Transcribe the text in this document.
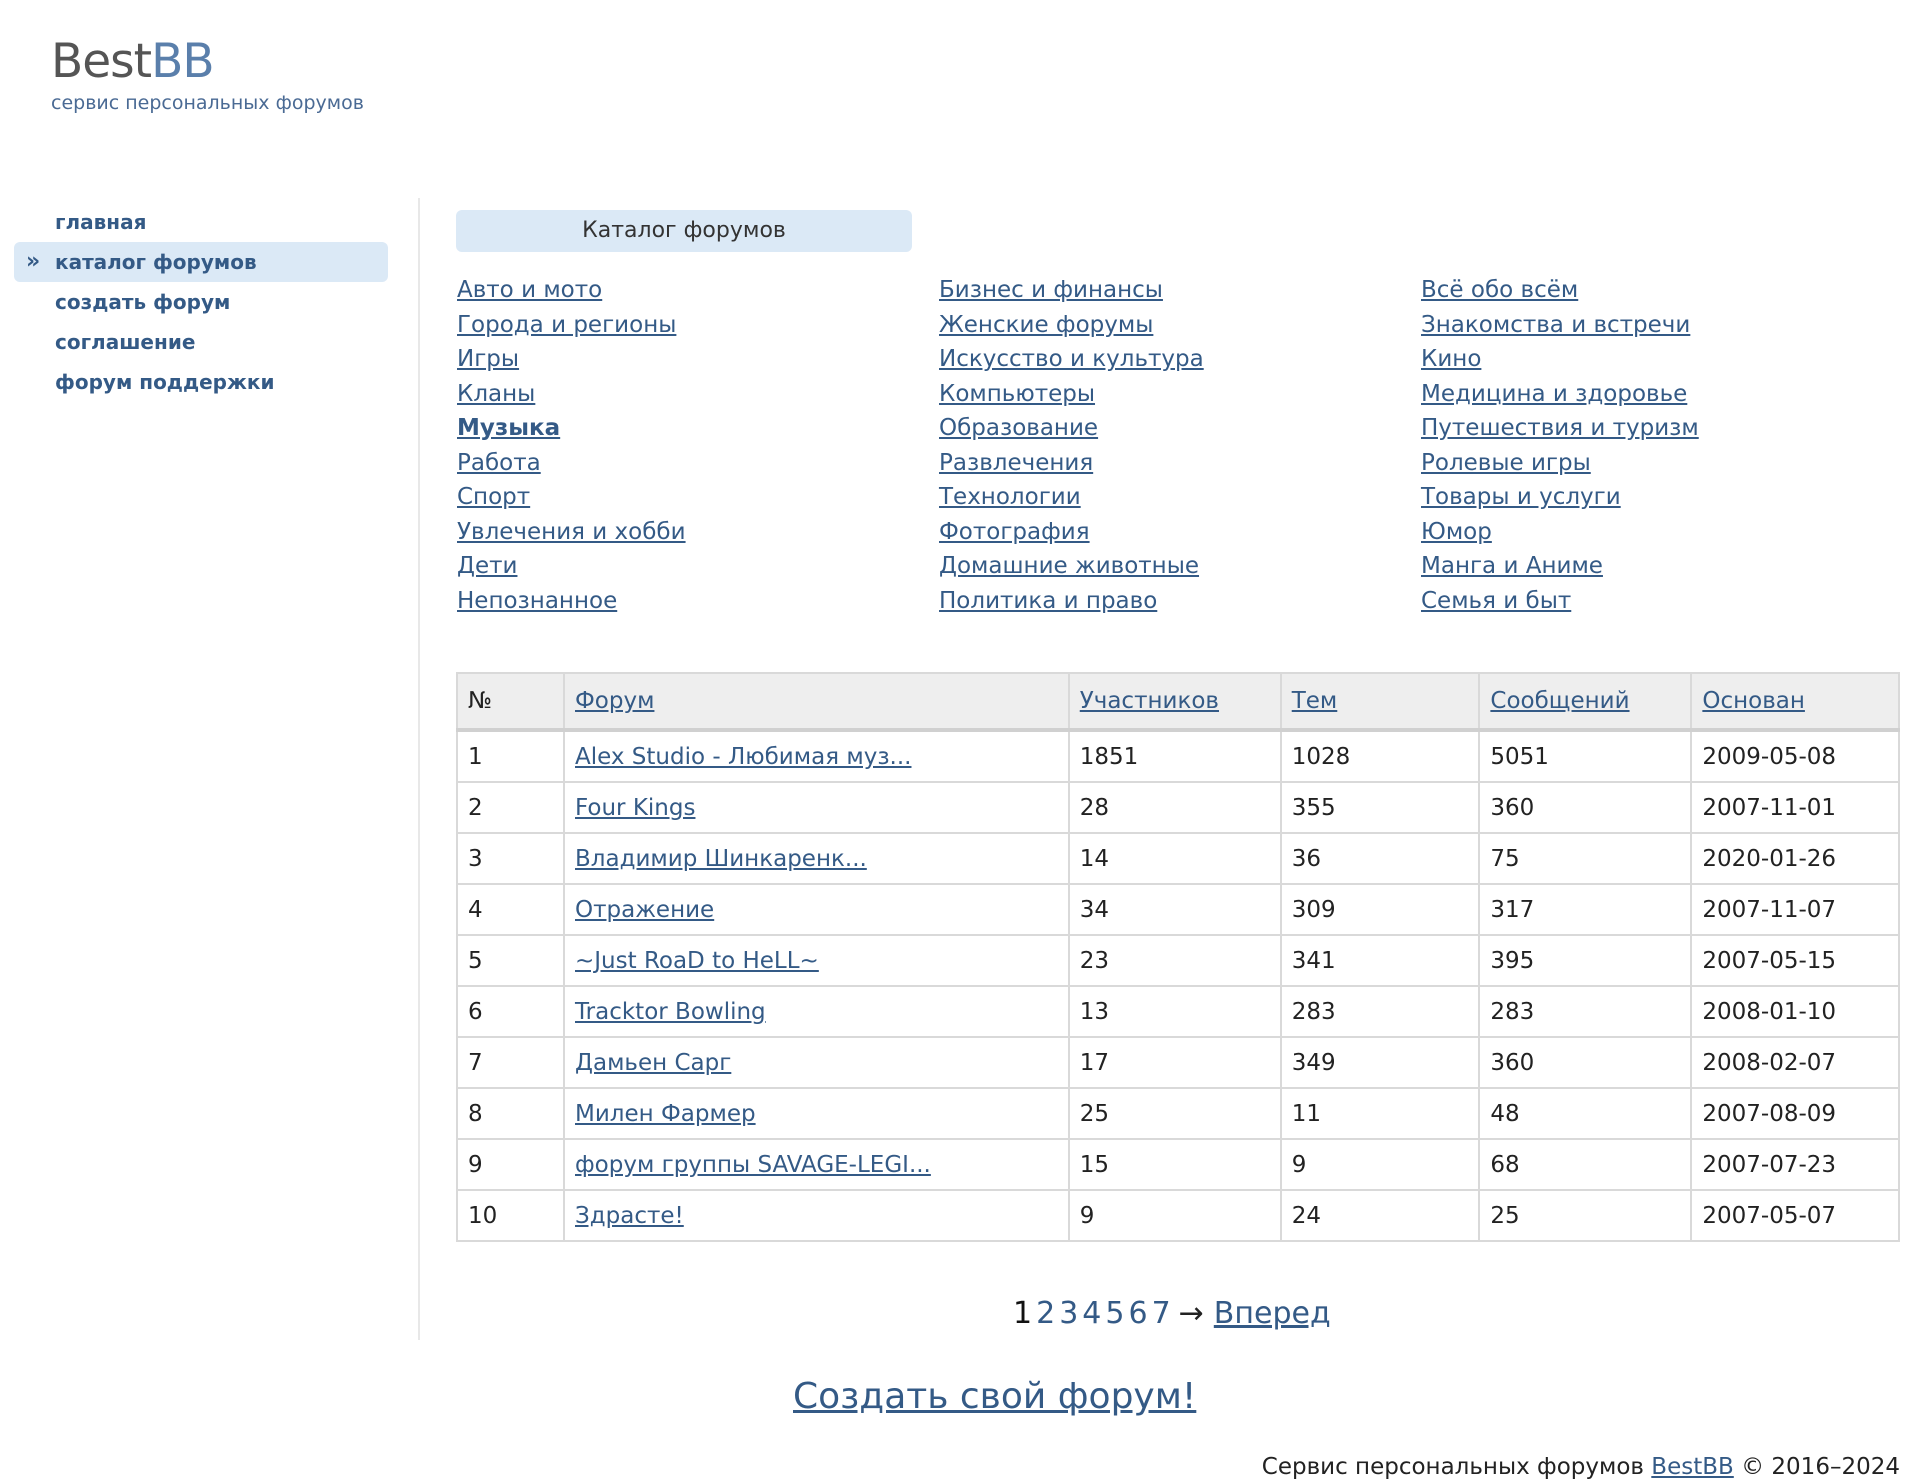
BestBB
сервис персональных форумов
главная
» каталог форумов
создать форум
соглашение
форум поддержки
Каталог форумов
Авто и мото
Города и регионы
Игры
Кланы
Музыка
Работа
Спорт
Увлечения и хобби
Дети
Непознанное
Бизнес и финансы
Женские форумы
Искусство и культура
Компьютеры
Образование
Развлечения
Технологии
Фотография
Домашние животные
Политика и право
Всё обо всём
Знакомства и встречи
Кино
Медицина и здоровье
Путешествия и туризм
Ролевые игры
Товары и услуги
Юмор
Манга и Аниме
Семья и быт
№	Форум	Участников	Тем	Сообщений	Основан
1	Alex Studio - Любимая муз...	1851	1028	5051	2009-05-08
2	Four Kings	28	355	360	2007-11-01
3	Владимир Шинкаренк...	14	36	75	2020-01-26
4	Отражение	34	309	317	2007-11-07
5	~Just RoaD to HeLL~	23	341	395	2007-05-15
6	Tracktor Bowling	13	283	283	2008-01-10
7	Дамьен Сарг	17	349	360	2008-02-07
8	Милен Фармер	25	11	48	2007-08-09
9	форум группы SAVAGE-LEGI...	15	9	68	2007-07-23
10	Здрасте!	9	24	25	2007-05-07
1 2 3 4 5 6 7 → Вперед
Создать свой форум!
Сервис персональных форумов BestBB © 2016–2024
